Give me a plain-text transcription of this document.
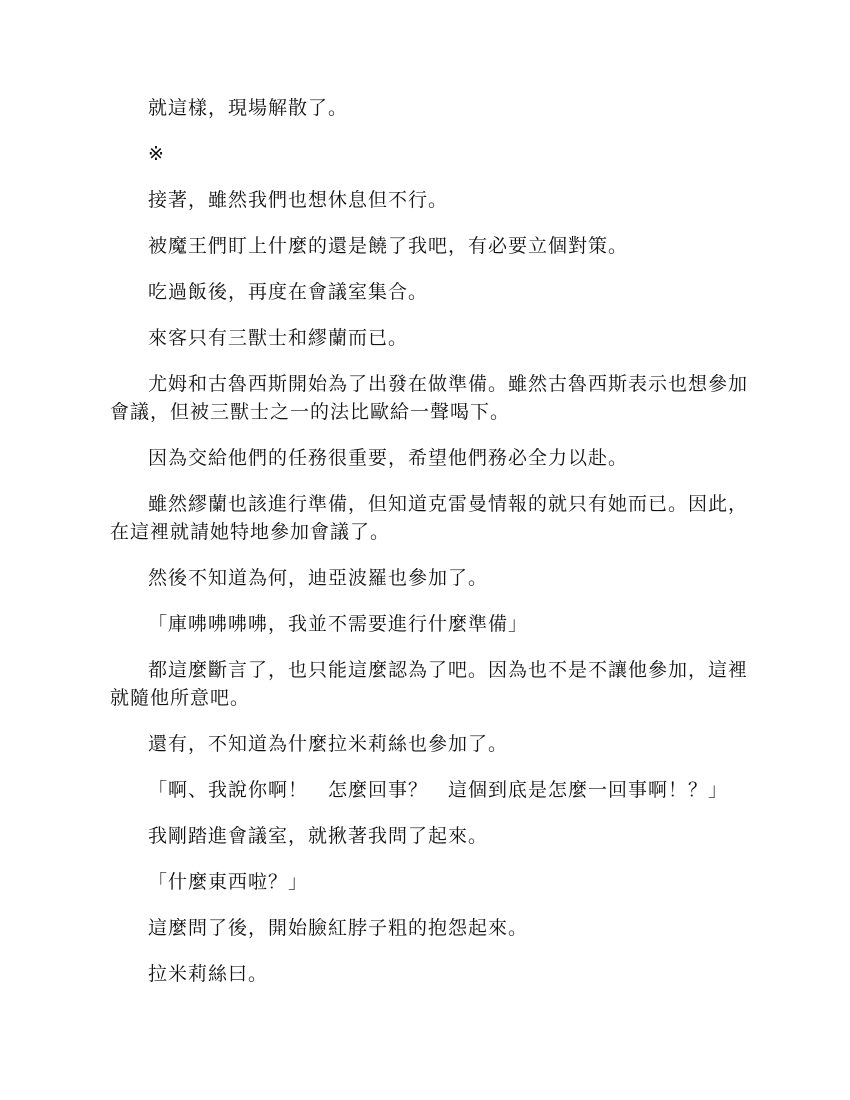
就這樣，現場解散了。

※

接著，雖然我們也想休息但不行。

被魔王們盯上什麼的還是饒了我吧，有必要立個對策。

吃過飯後，再度在會議室集合。

來客只有三獸士和繆蘭而已。

尤姆和古魯西斯開始為了出發在做準備。雖然古魯西斯表示也想參加會議，但被三獸士之一的法比歐給一聲喝下。

因為交給他們的任務很重要，希望他們務必全力以赴。

雖然繆蘭也該進行準備，但知道克雷曼情報的就只有她而已。因此，在這裡就請她特地參加會議了。

然後不知道為何，迪亞波羅也參加了。

「庫咈咈咈咈，我並不需要進行什麼準備」

都這麼斷言了，也只能這麼認為了吧。因為也不是不讓他參加，這裡就隨他所意吧。

還有，不知道為什麼拉米莉絲也參加了。

「啊、我說你啊！　怎麼回事？　這個到底是怎麼一回事啊！？」

我剛踏進會議室，就揪著我問了起來。

「什麼東西啦？」

這麼問了後，開始臉紅脖子粗的抱怨起來。

拉米莉絲曰。
